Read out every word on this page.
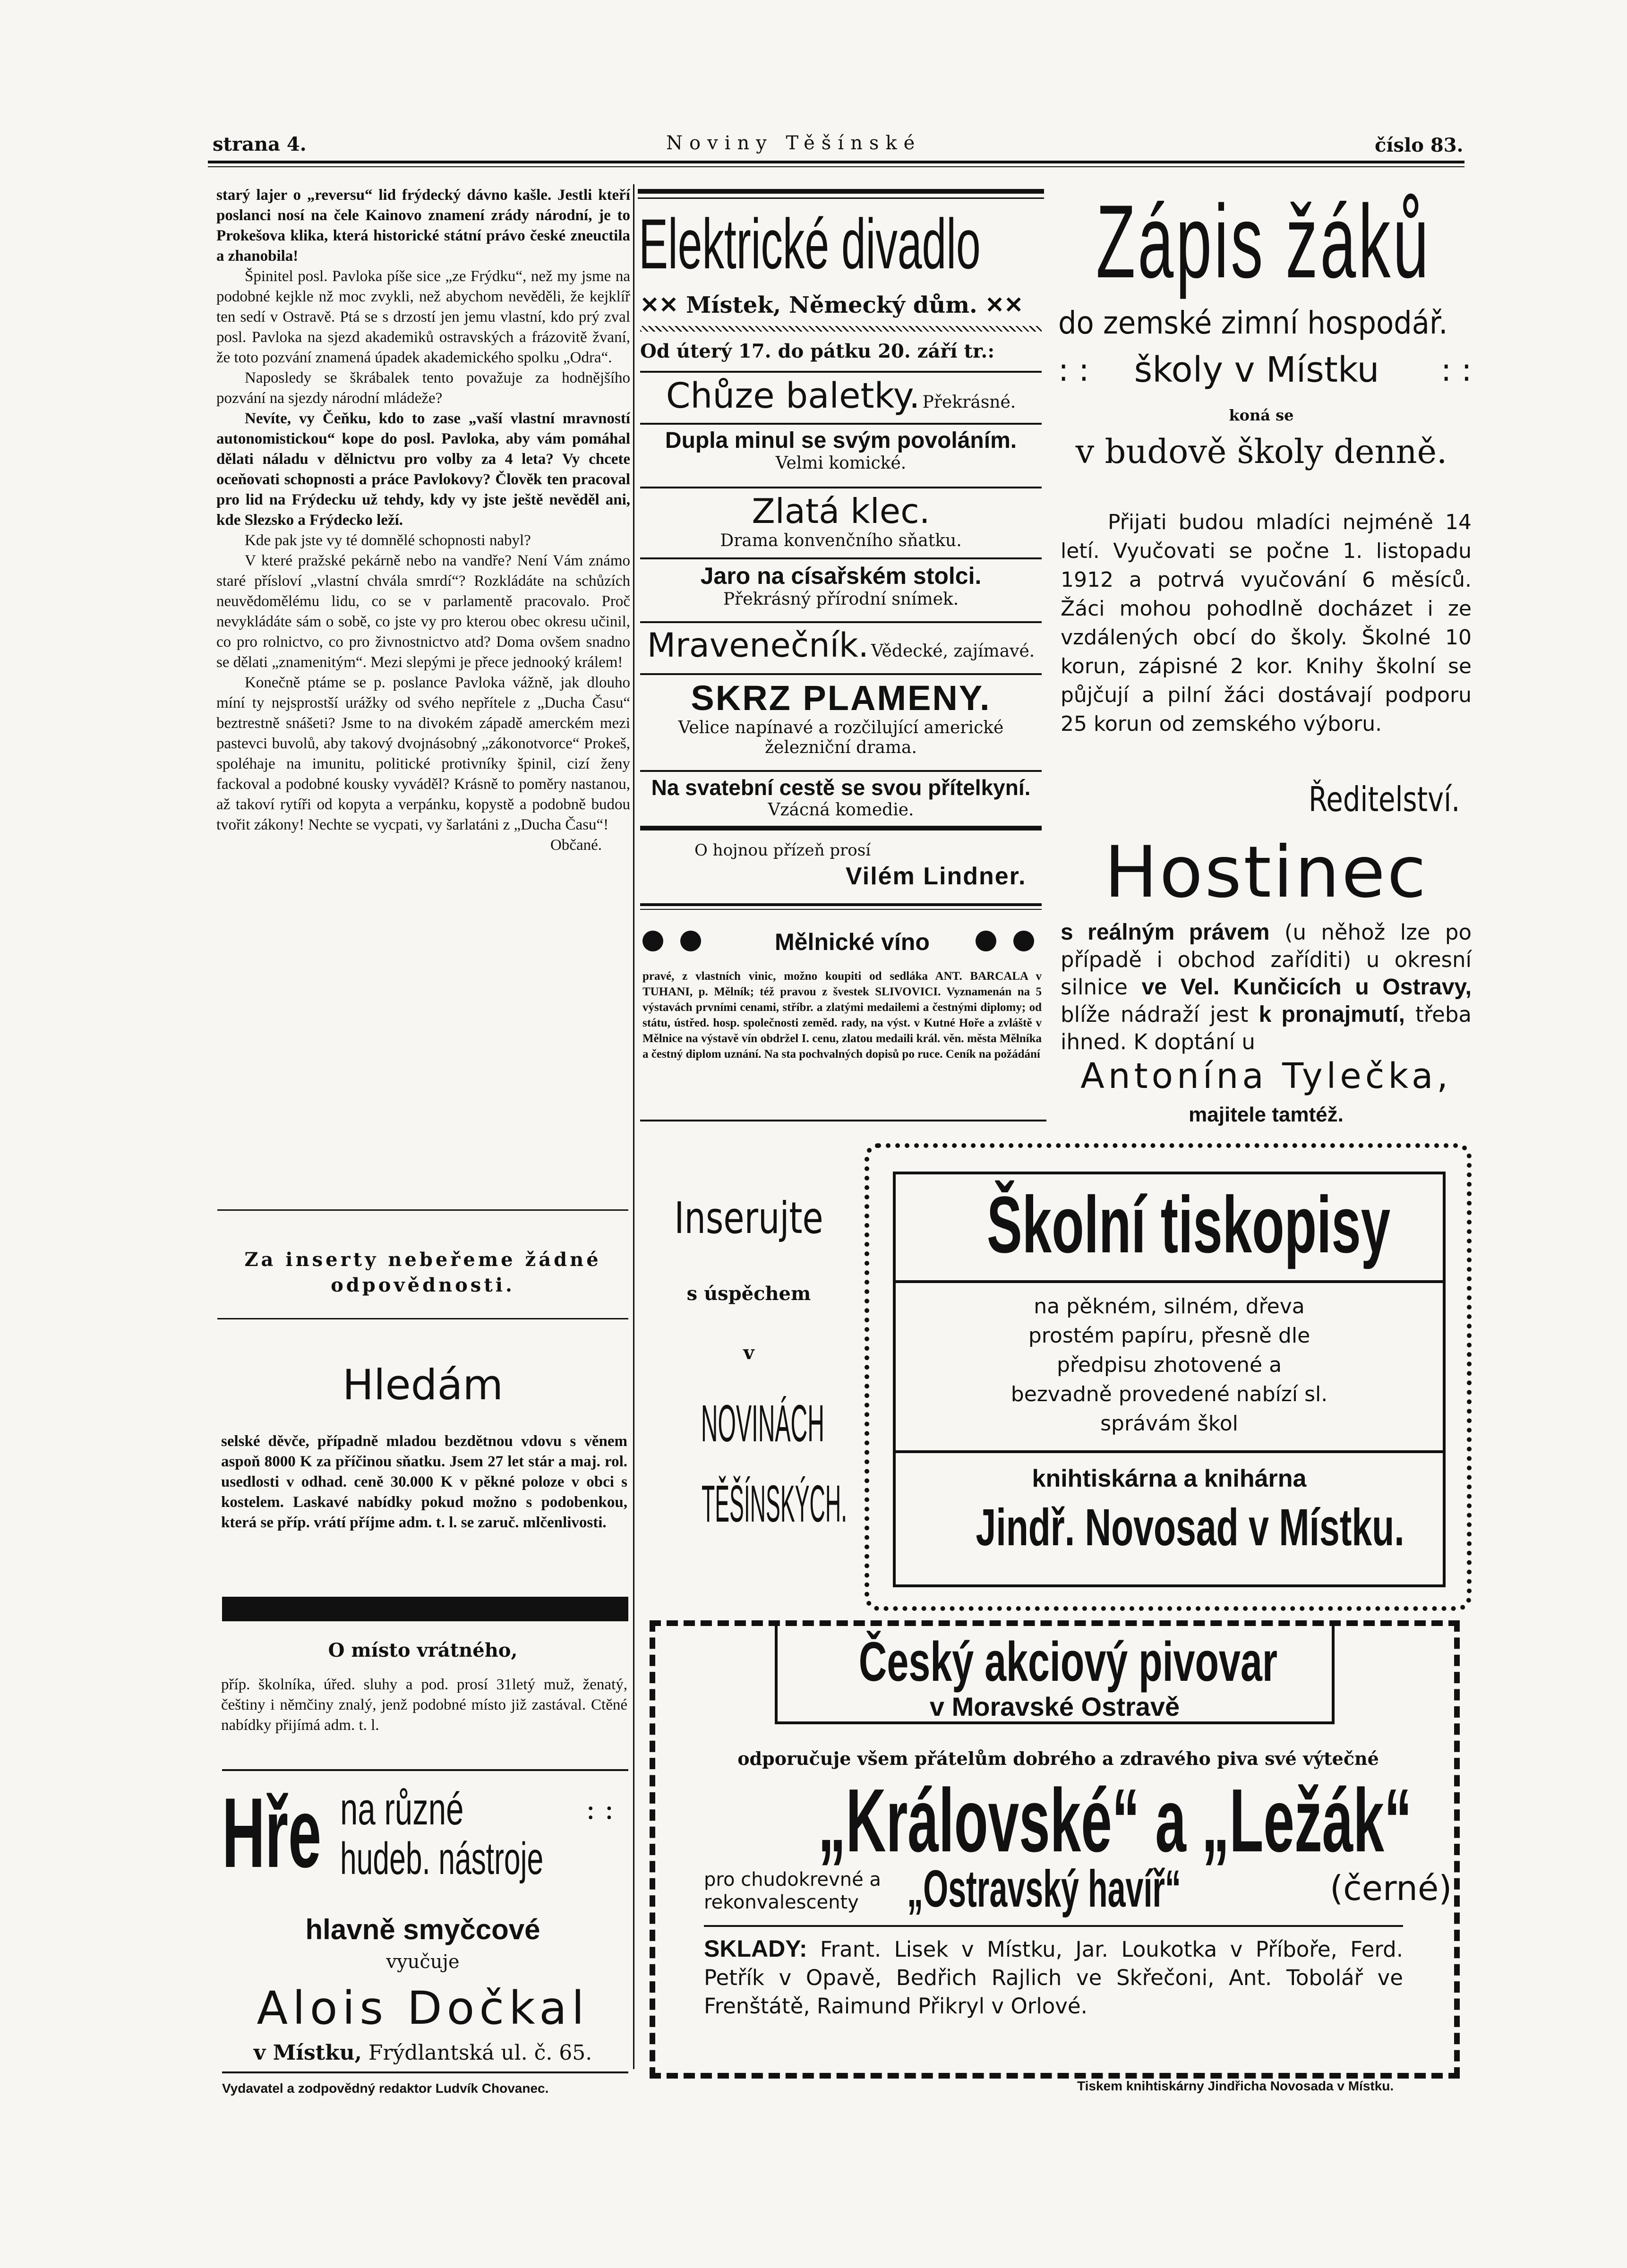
strana 4.	Noviny Těšínské	číslo 83.

starý lajer o „reversu“ lid frýdecký dávno kašle. Jestli kteří poslanci nosí na čele Kainovo znamení zrády národní, je to Prokešova klika, která historické státní právo české zneuctila a zhanobila!

Špinitel posl. Pavloka píše sice „ze Frýdku“, než my jsme na podobné kejkle nž moc zvykli, než abychom nevěděli, že kejklíř ten sedí v Ostravě. Ptá se s drzostí jen jemu vlastní, kdo prý zval posl. Pavloka na sjezd akademiků ostravských a frázovitě žvaní, že toto pozvání znamená úpadek akademického spolku „Odra“.

Naposledy se škrábalek tento považuje za hodnějšího pozvání na sjezdy národní mládeže?

Nevíte, vy Čeňku, kdo to zase „vaší vlastní mravností autonomistickou“ kope do posl. Pavloka, aby vám pomáhal dělati náladu v dělnictvu pro volby za 4 leta? Vy chcete oceňovati schopnosti a práce Pavlokovy? Člověk ten pracoval pro lid na Frýdecku už tehdy, kdy vy jste ještě nevěděl ani, kde Slezsko a Frýdecko leží.

Kde pak jste vy té domnělé schopnosti nabyl?

V které pražské pekárně nebo na vandře? Není Vám známo staré přísloví „vlastní chvála smrdí“? Rozkládáte na schůzích neuvědomělému lidu, co se v parlamentě pracovalo. Proč nevykládáte sám o sobě, co jste vy pro kterou obec okresu učinil, co pro rolnictvo, co pro živnostnictvo atd? Doma ovšem snadno se dělati „znamenitým“. Mezi slepými je přece jednooký králem!

Konečně ptáme se p. poslance Pavloka vážně, jak dlouho míní ty nejsprostší urážky od svého nepřítele z „Ducha Času“ beztrestně snášeti? Jsme to na divokém západě amerckém mezi pastevci buvolů, aby takový dvojnásobný „zákonotvorce“ Prokeš, spoléhaje na imunitu, politické protivníky špinil, cizí ženy fackoval a podobné kousky vyváděl? Krásně to poměry nastanou, až takoví rytíři od kopyta a verpánku, kopystě a podobně budou tvořit zákony! Nechte se vycpati, vy šarlatáni z „Ducha Času“!

Občané.
Za inserty nebeřeme žádné odpovědnosti.
Hledám
selské děvče, případně mladou bezdětnou vdovu s věnem aspoň 8000 K za příčinou sňatku. Jsem 27 let stár a maj. rol. usedlosti v odhad. ceně 30.000 K v pěkné poloze v obci s kostelem. Laskavé nabídky pokud možno s podobenkou, která se příp. vrátí příjme adm. t. l. se zaruč. mlčenlivosti.
O místo vrátného,
příp. školníka, úřed. sluhy a pod. prosí 31letý muž, ženatý, češtiny i němčiny znalý, jenž podobné místo již zastával. Ctěné nabídky přijímá adm. t. l.
Hře na různé	: :
hudeb. nástroje
hlavně smyčcové
vyučuje
Alois Dočkal
v Místku, Frýdlantská ul. č. 65.
Elektrické divadlo
✕✕ Místek, Německý dům. ✕✕
Od úterý 17. do pátku 20. září tr.:
Chůze baletky. Překrásné.
Dupla minul se svým povoláním.
Velmi komické.
Zlatá klec.
Drama konvenčního sňatku.
Jaro na císařském stolci.
Překrásný přírodní snímek.
Mravenečník. Vědecké, zajímavé.
SKRZ PLAMENY.
Velice napínavé a rozčilující americké železniční drama.
Na svatební cestě se svou přítelkyní.
Vzácná komedie.
O hojnou přízeň prosí
Vilém Lindner.
Mělnické víno
pravé, z vlastních vinic, možno koupiti od sedláka ANT. BARCALA v TUHANI, p. Mělník; též pravou z švestek SLIVOVICI. Vyznamenán na 5 výstavách prvními cenami, stříbr. a zlatými medailemi a čestnými diplomy; od státu, ústřed. hosp. společnosti zeměd. rady, na výst. v Kutné Hoře a zvláště v Mělnice na výstavě vín obdržel I. cenu, zlatou medaili král. věn. města Mělníka a čestný diplom uznání. Na sta pochvalných dopisů po ruce. Ceník na požádání
Zápis žáků
do zemské zimní hospodář.
: :	školy v Místku	: :
koná se
v budově školy denně.
Přijati budou mladíci nejméně 14 letí. Vyučovati se počne 1. listopadu 1912 a potrvá vyučování 6 měsíců. Žáci mohou pohodlně docházet i ze vzdálených obcí do školy. Školné 10 korun, zápisné 2 kor. Knihy školní se půjčují a pilní žáci dostávají podporu 25 korun od zemského výboru.
Ředitelství.
Hostinec
s reálným právem (u něhož lze po případě i obchod zaříditi) u okresní silnice ve Vel. Kunčicích u Ostravy, blíže nádraží jest k pronajmutí, třeba ihned. K doptání u
Antonína Tylečka,
majitele tamtéž.
Inserujte
s úspěchem
v
NOVINÁCH
TĚŠÍNSKÝCH.
Školní tiskopisy
na pěkném, silném, dřeva prostém papíru, přesně dle předpisu zhotovené a bezvadně provedené nabízí sl. správám škol
knihtiskárna a knihárna
Jindř. Novosad v Místku.
Český akciový pivovar
v Moravské Ostravě
odporučuje všem přátelům dobrého a zdravého piva své výtečné
„Královské“ a „Ležák“
pro chudokrevné a rekonvalescenty „Ostravský havíř“	(černé).
SKLADY: Frant. Lisek v Místku, Jar. Loukotka v Příboře, Ferd. Petřík v Opavě, Bedřich Rajlich ve Skřečoni, Ant. Tobolář ve Frenštátě, Raimund Přikryl v Orlové.
Vydavatel a zodpovědný redaktor Ludvík Chovanec.	Tiskem knihtiskárny Jindřicha Novosada v Místku.
